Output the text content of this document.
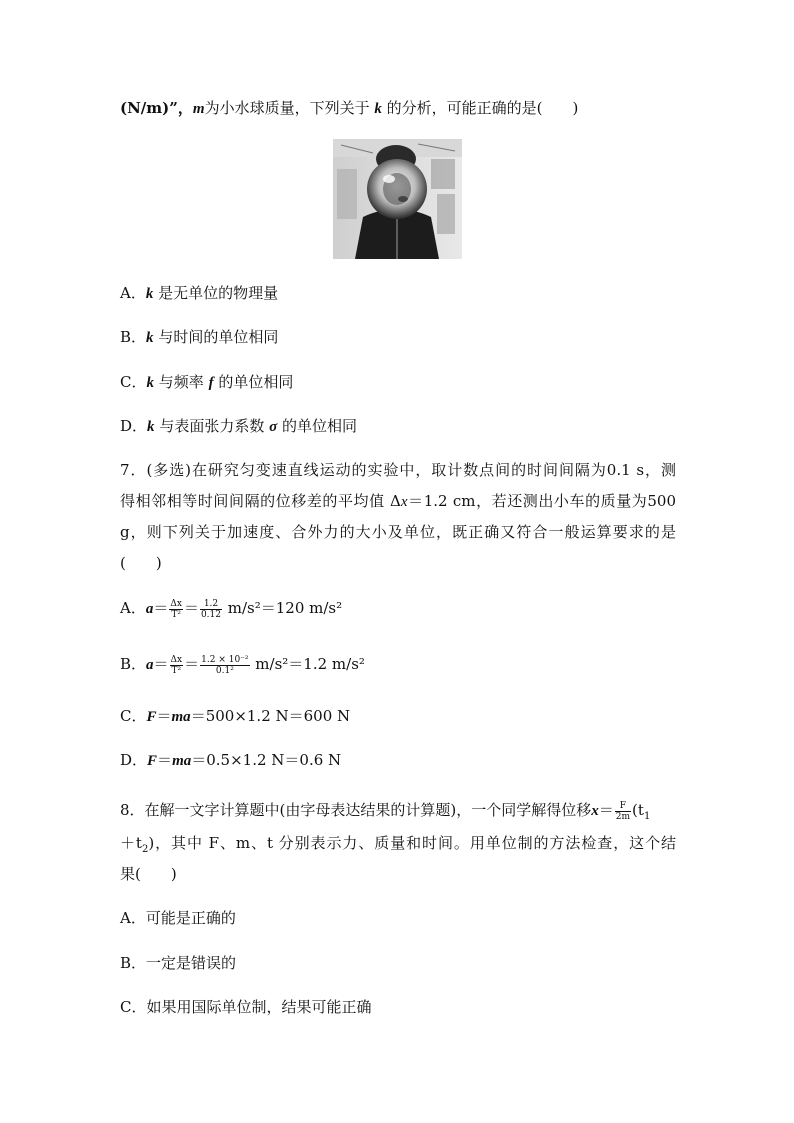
(N/m)”，m为小水球质量，下列关于 k 的分析，可能正确的是(　　)
A．k 是无单位的物理量
B．k 与时间的单位相同
C．k 与频率 f 的单位相同
D．k 与表面张力系数 σ 的单位相同
7．(多选)在研究匀变速直线运动的实验中，取计数点间的时间间隔为0.1 s，测
得相邻相等时间间隔的位移差的平均值 Δx＝1.2 cm，若还测出小车的质量为500
g，则下列关于加速度、合外力的大小及单位，既正确又符合一般运算要求的是
(　　)
A．$a= \frac{\Delta x}{\text{T²}} = \frac{1.2}{0.12} m/s^2=120$ m/s²
B．$a= \frac{\Delta x}{\text{T²}} = \frac{\text{1.2 × 10⁻²}}{\text{0.1²}} m/s^2=1.2$ m/s²
C．F＝ma＝500×1.2 N＝600 N
D．F＝ma＝0.5×1.2 N＝0.6 N
8．在解一文字计算题中(由字母表达结果的计算题)，一个同学解得位移$x= \frac{F}{2m} (t_1$
$+t_2$)，其中 F、m、t 分别表示力、质量和时间。用单位制的方法检查，这个结
果(　　)
A．可能是正确的
B．一定是错误的
C．如果用国际单位制，结果可能正确
